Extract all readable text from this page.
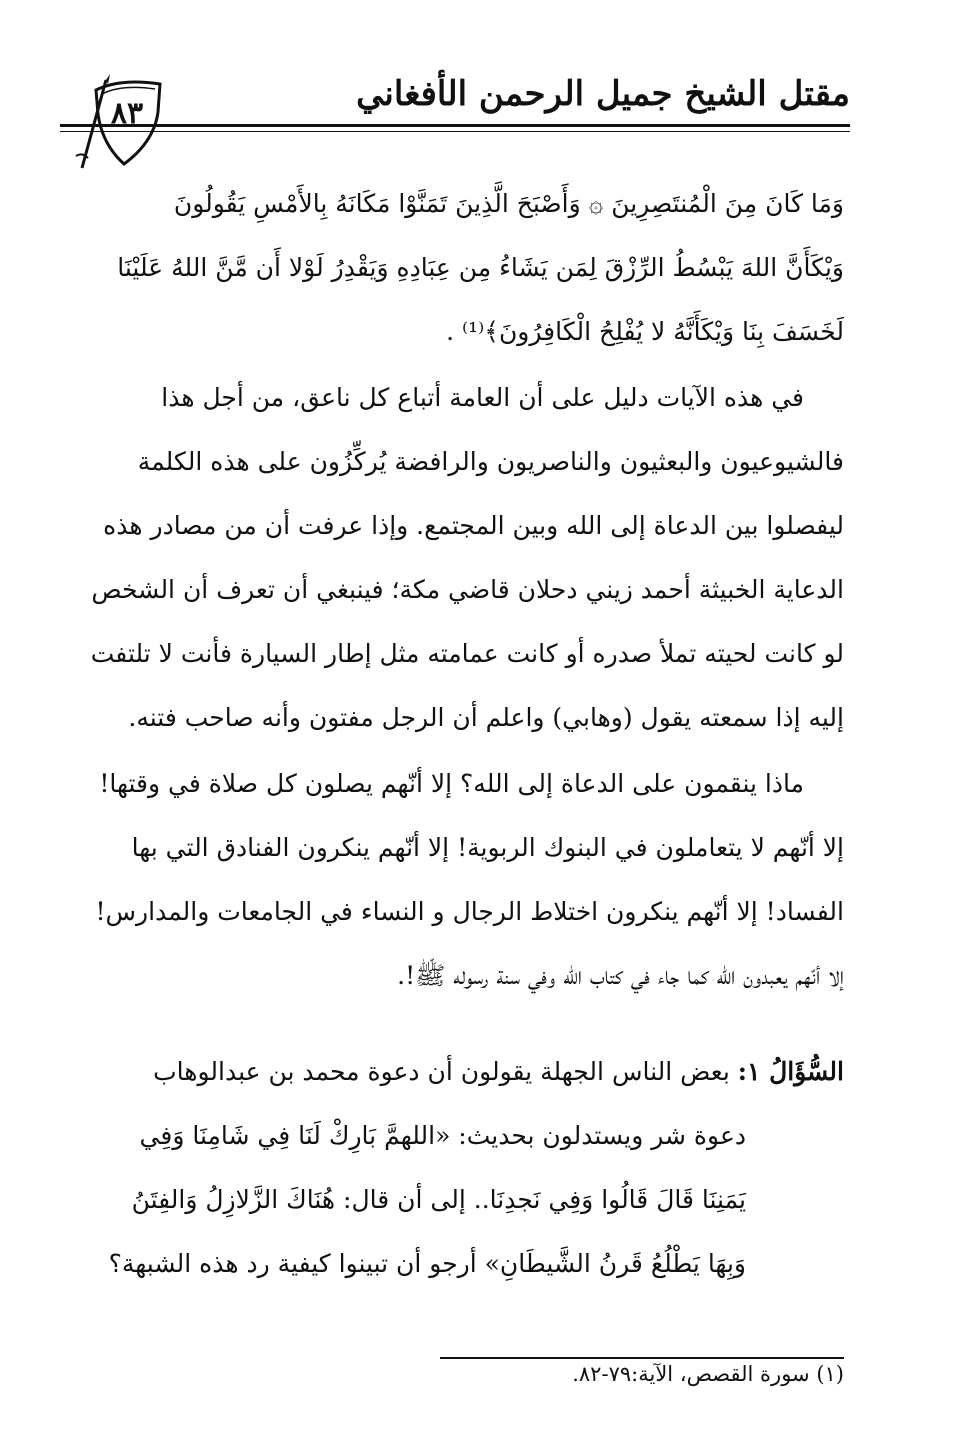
مقتل الشيخ جميل الرحمن الأفغاني
٨٣
وَمَا كَانَ مِنَ الْمُنتَصِرِينَ ۞ وَأَصْبَحَ الَّذِينَ تَمَنَّوْا مَكَانَهُ بِالأَمْسِ يَقُولُونَ
وَيْكَأَنَّ اللهَ يَبْسُطُ الرِّزْقَ لِمَن يَشَاءُ مِن عِبَادِهِ وَيَقْدِرُ لَوْلا أَن مَّنَّ اللهُ عَلَيْنَا
لَخَسَفَ بِنَا وَيْكَأَنَّهُ لا يُفْلِحُ الْكَافِرُونَ﴾⁽¹⁾ .
في هذه الآيات دليل على أن العامة أتباع كل ناعق، من أجل هذا
فالشيوعيون والبعثيون والناصريون والرافضة يُركِّزُون على هذه الكلمة
ليفصلوا بين الدعاة إلى الله وبين المجتمع. وإذا عرفت أن من مصادر هذه
الدعاية الخبيثة أحمد زيني دحلان قاضي مكة؛ فينبغي أن تعرف أن الشخص
لو كانت لحيته تملأ صدره أو كانت عمامته مثل إطار السيارة فأنت لا تلتفت
إليه إذا سمعته يقول (وهابي) واعلم أن الرجل مفتون وأنه صاحب فتنه.
ماذا ينقمون على الدعاة إلى الله؟ إلا أنّهم يصلون كل صلاة في وقتها!
إلا أنّهم لا يتعاملون في البنوك الربوية! إلا أنّهم ينكرون الفنادق التي بها
الفساد! إلا أنّهم ينكرون اختلاط الرجال و النساء في الجامعات والمدارس!
إلا أنّهم يعبدون الله كما جاء في كتاب الله وفي سنة رسوله ﷺ!.
السُّؤَالُ ١: بعض الناس الجهلة يقولون أن دعوة محمد بن عبدالوهاب
دعوة شر ويستدلون بحديث: «اللهمَّ بَارِكْ لَنَا فِي شَامِنَا وَفِي
يَمَنِنَا قَالَ قَالُوا وَفِي نَجدِنَا.. إلى أن قال: هُنَاكَ الزَّلازِلُ وَالفِتَنُ
وَبِهَا يَطْلُعُ قَرنُ الشَّيطَانِ» أرجو أن تبينوا كيفية رد هذه الشبهة؟
(١) سورة القصص، الآية:٧٩-٨٢.
